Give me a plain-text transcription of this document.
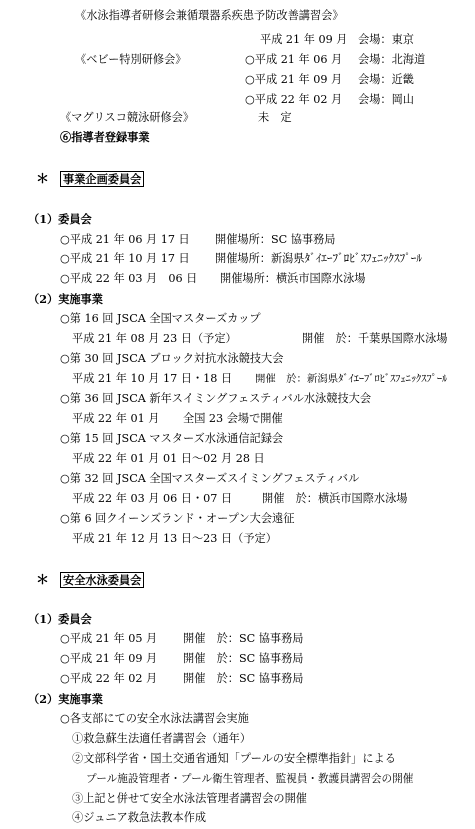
《水泳指導者研修会兼循環器系疾患予防改善講習会》
平成 21 年 09 月 会場：東京
《ベビー特別研修会》	○平成 21 年 06 月 会場：北海道
○平成 21 年 09 月 会場：近畿
○平成 22 年 02 月 会場：岡山
《マグリスコ競泳研修会》	未　定
⑥指導者登録事業
＊ 事業企画委員会
（1）委員会
○平成 21 年 06 月 17 日 開催場所：SC 協事務局
○平成 21 年 10 月 17 日 開催場所：新潟県ﾀﾞｲｴｰﾌﾞﾛﾋﾞｽﾌｪﾆｯｸｽﾌﾟｰﾙ
○平成 22 年 03 月　06 日 開催場所：横浜市国際水泳場
（2）実施事業
○第 16 回 JSCA 全国マスターズカップ
平成 21 年 08 月 23 日（予定）	開催　於：千葉県国際水泳場
○第 30 回 JSCA ブロック対抗水泳競技大会
平成 21 年 10 月 17 日・18 日 開催　於：新潟県ﾀﾞｲｴｰﾌﾞﾛﾋﾞｽﾌｪﾆｯｸｽﾌﾟｰﾙ
○第 36 回 JSCA 新年スイミングフェスティバル水泳競技大会
平成 22 年 01 月 全国 23 会場で開催
○第 15 回 JSCA マスターズ水泳通信記録会
平成 22 年 01 月 01 日～02 月 28 日
○第 32 回 JSCA 全国マスターズスイミングフェスティバル
平成 22 年 03 月 06 日・07 日	開催　於：横浜市国際水泳場
○第 6 回クイーンズランド・オープン大会遠征
平成 21 年 12 月 13 日～23 日（予定）
＊ 安全水泳委員会
（1）委員会
○平成 21 年 05 月 開催　於：SC 協事務局
○平成 21 年 09 月 開催　於：SC 協事務局
○平成 22 年 02 月 開催　於：SC 協事務局
（2）実施事業
○各支部にての安全水泳法講習会実施
①救急蘇生法適任者講習会（通年）
②文部科学省・国土交通省通知「プールの安全標準指針」による
プール施設管理者・プール衛生管理者、監視員・教護員講習会の開催
③上記と併せて安全水泳法管理者講習会の開催
④ジュニア救急法教本作成
